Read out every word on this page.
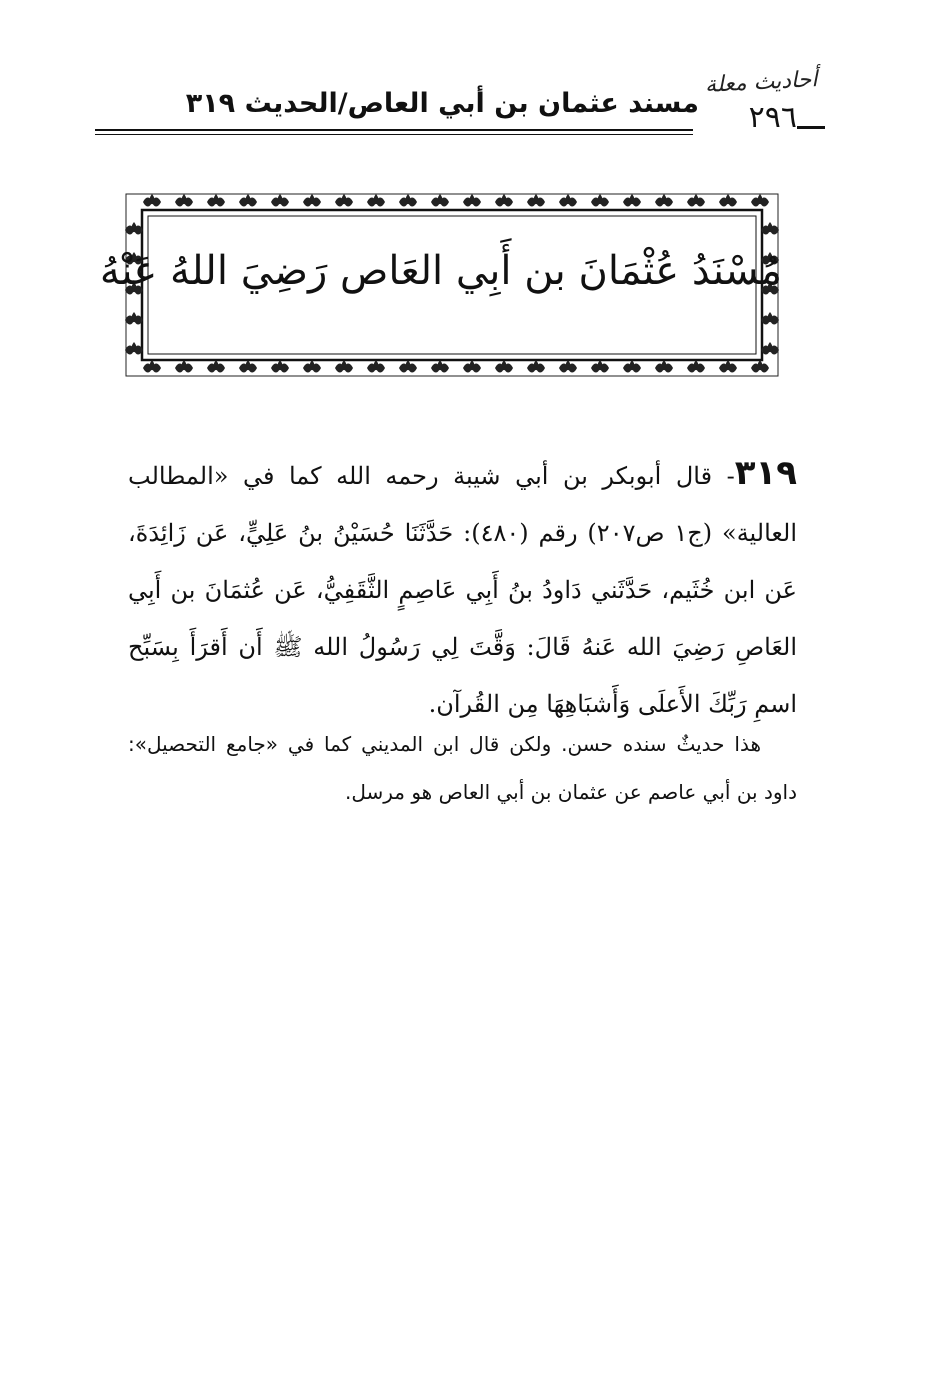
أحاديث معلة
٢٩٦
مسند عثمان بن أبي العاص/الحديث ٣١٩
مُسْنَدُ عُثْمَانَ بن أَبِي العَاص رَضِيَ اللهُ عَنْهُ
٣١٩- قال أبوبكر بن أبي شيبة رحمه الله كما في «المطالب العالية» (ج١ ص٢٠٧) رقم (٤٨٠): حَدَّثَنَا حُسَيْنُ بنُ عَلِيٍّ، عَن زَائِدَةَ، عَن ابن خُثَيم، حَدَّثَني دَاودُ بنُ أَبِي عَاصِمٍ الثَّقَفِيُّ، عَن عُثمَانَ بن أَبِي العَاصِ رَضِيَ الله عَنهُ قَالَ: وَقَّتَ لِي رَسُولُ الله ﷺ أَن أَقرَأَ بِسَبِّح اسمِ رَبِّكَ الأَعلَى وَأَشبَاهِهَا مِن القُرآن.
هذا حديثٌ سنده حسن. ولكن قال ابن المديني كما في «جامع التحصيل»: داود بن أبي عاصم عن عثمان بن أبي العاص هو مرسل.
